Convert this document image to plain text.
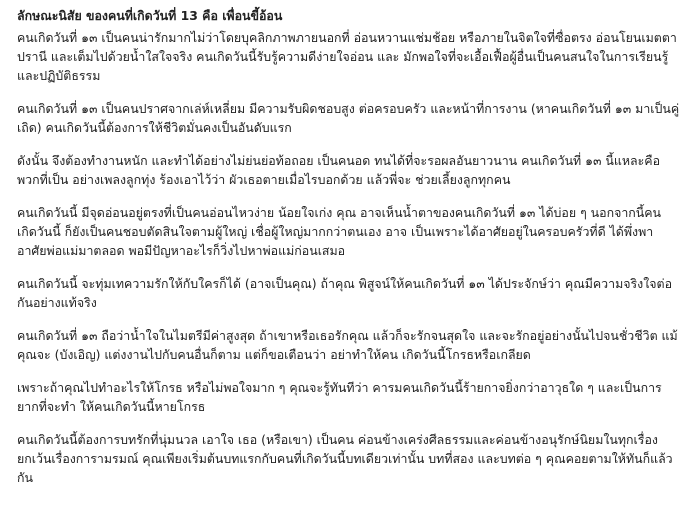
ลักษณะนิสัย ของคนที่เกิดวันที่ 13 คือ เพื่อนขี้อ้อน
คนเกิดวันที่ ๑๓ เป็นคนน่ารักมากไม่ว่าโดยบุคลิกภาพภายนอกที่ อ่อนหวานแช่มช้อย หรือภายในจิตใจที่ซื่อตรง อ่อนโยนเมตตาปรานี และเต็มไปด้วยน้ำใสใจจริง คนเกิดวันนี้รับรู้ความดีง่ายใจอ่อน และ มักพอใจที่จะเอื้อเฟื้อผู้อื่นเป็นคนสนใจในการเรียนรู้และปฏิบัติธรรม
คนเกิดวันที่ ๑๓ เป็นคนปราศจากเล่ห์เหลี่ยม มีความรับผิดชอบสูง ต่อครอบครัว และหน้าที่การงาน (หาคนเกิดวันที่ ๑๓ มาเป็นคู่เถิด) คนเกิดวันนี้ต้องการให้ชีวิตมั่นคงเป็นอันดับแรก
ดังนั้น จึงต้องทำงานหนัก และทำได้อย่างไม่ย่นย่อท้อถอย เป็นคนอด ทนได้ที่จะรอผลอันยาวนาน คนเกิดวันที่ ๑๓ นี้แหละคือพวกที่เป็น อย่างเพลงลูกทุ่ง ร้องเอาไว้ว่า ผัวเธอตายเมื่อไรบอกด้วย แล้วพี่จะ ช่วยเลี้ยงลูกทุกคน
คนเกิดวันนี้ มีจุดอ่อนอยู่ตรงที่เป็นคนอ่อนไหวง่าย น้อยใจเก่ง คุณ อาจเห็นน้ำตาของคนเกิดวันที่ ๑๓ ได้บ่อย ๆ นอกจากนี้คนเกิดวันนี้ ก็ยังเป็นคนชอบตัดสินใจตามผู้ใหญ่ เชื่อผู้ใหญ่มากกว่าตนเอง อาจ เป็นเพราะได้อาศัยอยู่ในครอบครัวที่ดี ได้พึ่งพาอาศัยพ่อแม่มาตลอด พอมีปัญหาอะไรก็วิ่งไปหาพ่อแม่ก่อนเสมอ
คนเกิดวันนี้ จะทุ่มเทความรักให้กับใครก็ได้ (อาจเป็นคุณ) ถ้าคุณ พิสูจน์ให้คนเกิดวันที่ ๑๓ ได้ประจักษ์ว่า คุณมีความจริงใจต่อกันอย่างแท้จริง
คนเกิดวันที่ ๑๓ ถือว่าน้ำใจในไมตรีมีค่าสูงสุด ถ้าเขาหรือเธอรักคุณ แล้วก็จะรักจนสุดใจ และจะรักอยู่อย่างนั้นไปจนชั่วชีวิต แม้คุณจะ (บังเอิญ) แต่งงานไปกับคนอื่นก็ตาม แต่ก็ขอเตือนว่า อย่าทำให้คน เกิดวันนี้โกรธหรือเกลียด
เพราะถ้าคุณไปทำอะไรให้โกรธ หรือไม่พอใจมาก ๆ คุณจะรู้ทันทีว่า คารมคนเกิดวันนี้ร้ายกาจยิ่งกว่าอาวุธใด ๆ และเป็นการยากที่จะทำ ให้คนเกิดวันนี้หายโกรธ
คนเกิดวันนี้ต้องการบทรักที่นุ่มนวล เอาใจ เธอ (หรือเขา) เป็นคน ค่อนข้างเคร่งศีลธรรมและค่อนข้างอนุรักษ์นิยมในทุกเรื่องยกเว้นเรื่องการามรมณ์ คุณเพียงเริ่มต้นบทแรกกับคนที่เกิดวันนี้บทเดียวเท่านั้น บทที่สอง และบทต่อ ๆ คุณคอยตามให้ทันก็แล้วกัน
